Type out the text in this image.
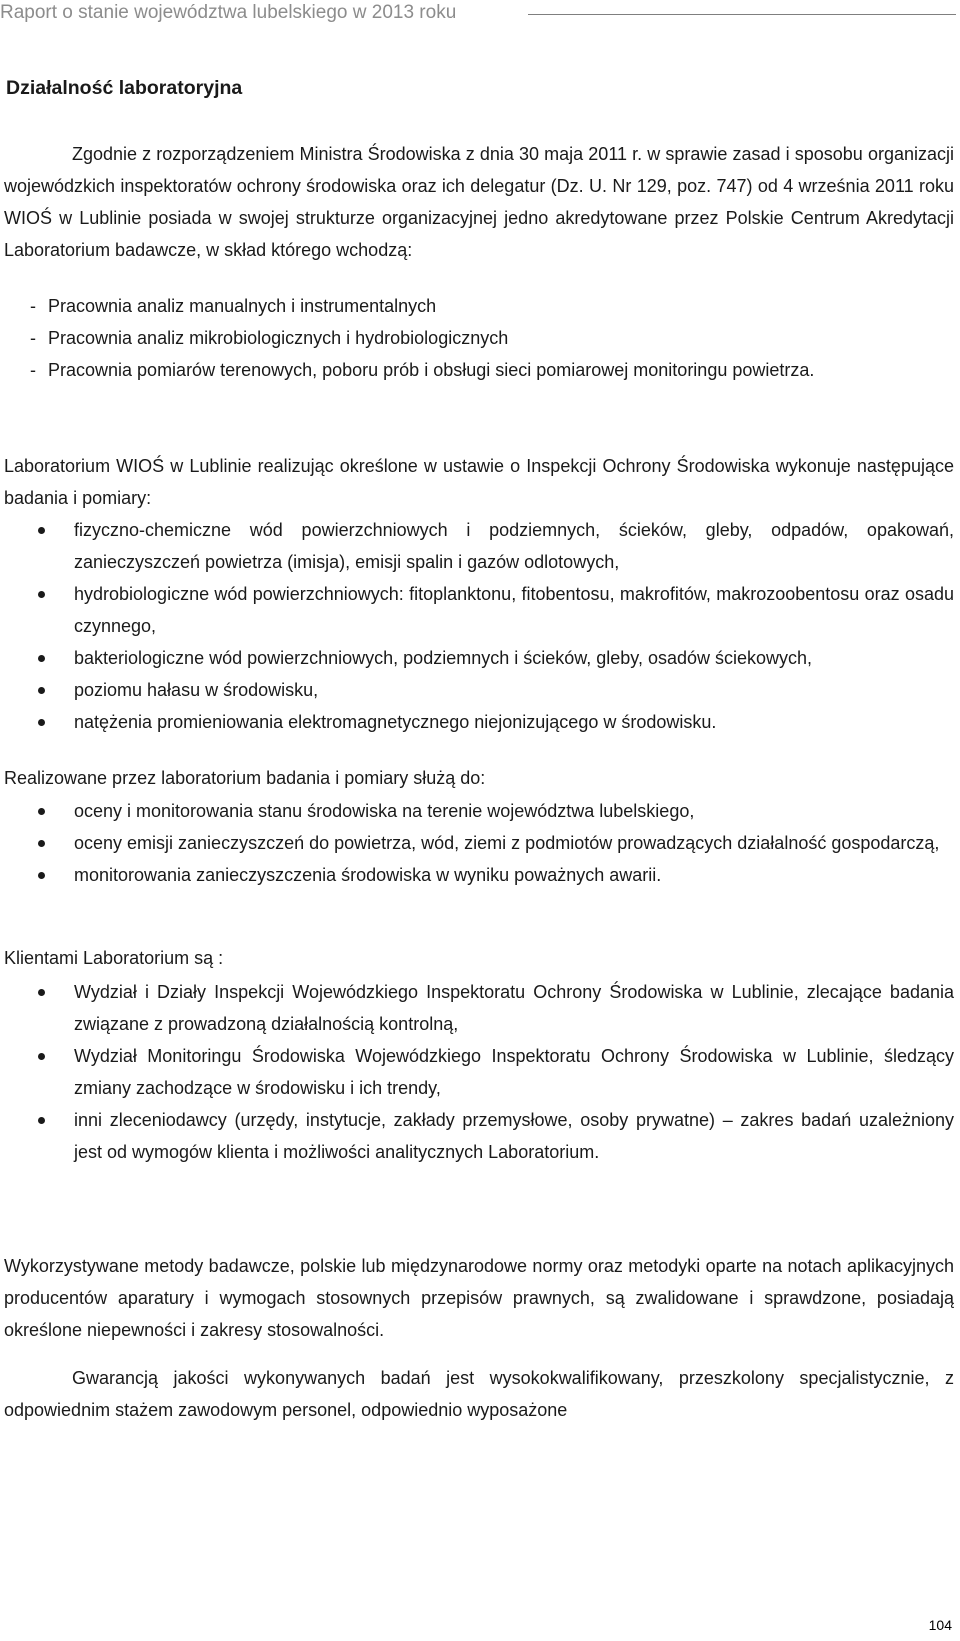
Raport o stanie województwa lubelskiego w 2013 roku
Działalność laboratoryjna

Zgodnie z rozporządzeniem Ministra Środowiska z dnia 30 maja 2011 r. w sprawie zasad i sposobu organizacji wojewódzkich inspektoratów ochrony środowiska oraz ich delegatur (Dz. U. Nr 129, poz. 747) od 4 września 2011 roku WIOŚ w Lublinie posiada w swojej strukturze organizacyjnej jedno akredytowane przez Polskie Centrum Akredytacji Laboratorium badawcze, w skład którego wchodzą:

- Pracownia analiz manualnych i instrumentalnych
- Pracownia analiz mikrobiologicznych i hydrobiologicznych
- Pracownia pomiarów terenowych, poboru prób i obsługi sieci pomiarowej monitoringu powietrza.

Laboratorium WIOŚ w Lublinie realizując określone w ustawie o Inspekcji Ochrony Środowiska wykonuje następujące badania i pomiary:

fizyczno-chemiczne wód powierzchniowych i podziemnych, ścieków, gleby, odpadów, opakowań, zanieczyszczeń powietrza (imisja), emisji spalin i gazów odlotowych,
hydrobiologiczne wód powierzchniowych: fitoplanktonu, fitobentosu, makrofitów, makrozoobentosu oraz osadu czynnego,
bakteriologiczne wód powierzchniowych, podziemnych i ścieków, gleby, osadów ściekowych,
poziomu hałasu w środowisku,
natężenia promieniowania elektromagnetycznego niejonizującego w środowisku.

Realizowane przez laboratorium badania i pomiary służą do:

oceny i monitorowania stanu środowiska na terenie województwa lubelskiego,
oceny emisji zanieczyszczeń do powietrza, wód, ziemi z podmiotów prowadzących działalność gospodarczą,
monitorowania zanieczyszczenia środowiska w wyniku poważnych awarii.

Klientami Laboratorium są :

Wydział i Działy Inspekcji Wojewódzkiego Inspektoratu Ochrony Środowiska w Lublinie, zlecające badania związane z prowadzoną działalnością kontrolną,
Wydział Monitoringu Środowiska Wojewódzkiego Inspektoratu Ochrony Środowiska w Lublinie, śledzący zmiany zachodzące w środowisku i ich trendy,
inni zleceniodawcy (urzędy, instytucje, zakłady przemysłowe, osoby prywatne) – zakres badań uzależniony jest od wymogów klienta i możliwości analitycznych Laboratorium.

Wykorzystywane metody badawcze, polskie lub międzynarodowe normy oraz metodyki oparte na notach aplikacyjnych producentów aparatury i wymogach stosownych przepisów prawnych, są zwalidowane i sprawdzone, posiadają określone niepewności i zakresy stosowalności.

Gwarancją jakości wykonywanych badań jest wysokokwalifikowany, przeszkolony specjalistycznie, z odpowiednim stażem zawodowym personel, odpowiednio wyposażone

104
